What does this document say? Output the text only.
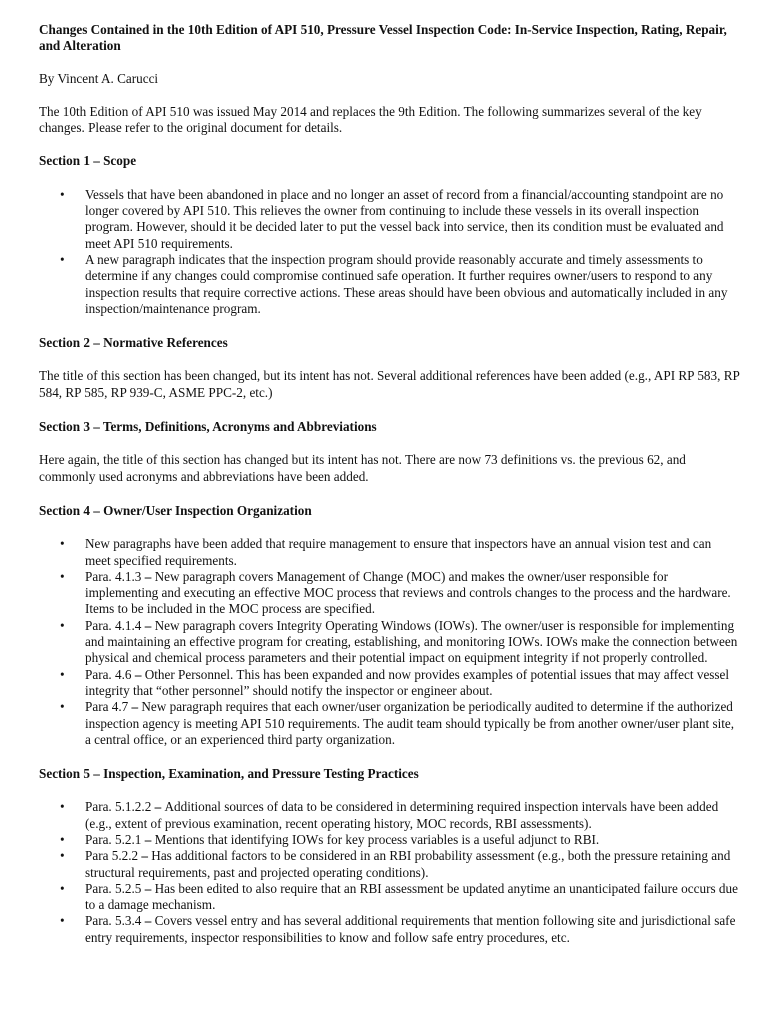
Changes Contained in the 10th Edition of API 510, Pressure Vessel Inspection Code: In-Service Inspection, Rating, Repair, and Alteration
By Vincent A. Carucci
The 10th Edition of API 510 was issued May 2014 and replaces the 9th Edition. The following summarizes several of the key changes. Please refer to the original document for details.
Section 1 – Scope
• Vessels that have been abandoned in place and no longer an asset of record from a financial/accounting standpoint are no longer covered by API 510. This relieves the owner from continuing to include these vessels in its overall inspection program. However, should it be decided later to put the vessel back into service, then its condition must be evaluated and meet API 510 requirements.
• A new paragraph indicates that the inspection program should provide reasonably accurate and timely assessments to determine if any changes could compromise continued safe operation. It further requires owner/users to respond to any inspection results that require corrective actions. These areas should have been obvious and automatically included in any inspection/maintenance program.
Section 2 – Normative References
The title of this section has been changed, but its intent has not. Several additional references have been added (e.g., API RP 583, RP 584, RP 585, RP 939-C, ASME PPC-2, etc.)
Section 3 – Terms, Definitions, Acronyms and Abbreviations
Here again, the title of this section has changed but its intent has not. There are now 73 definitions vs. the previous 62, and commonly used acronyms and abbreviations have been added.
Section 4 – Owner/User Inspection Organization
• New paragraphs have been added that require management to ensure that inspectors have an annual vision test and can meet specified requirements.
• Para. 4.1.3 – New paragraph covers Management of Change (MOC) and makes the owner/user responsible for implementing and executing an effective MOC process that reviews and controls changes to the process and the hardware. Items to be included in the MOC process are specified.
• Para. 4.1.4 – New paragraph covers Integrity Operating Windows (IOWs). The owner/user is responsible for implementing and maintaining an effective program for creating, establishing, and monitoring IOWs. IOWs make the connection between physical and chemical process parameters and their potential impact on equipment integrity if not properly controlled.
• Para. 4.6 – Other Personnel. This has been expanded and now provides examples of potential issues that may affect vessel integrity that “other personnel” should notify the inspector or engineer about.
• Para 4.7 – New paragraph requires that each owner/user organization be periodically audited to determine if the authorized inspection agency is meeting API 510 requirements. The audit team should typically be from another owner/user plant site, a central office, or an experienced third party organization.
Section 5 – Inspection, Examination, and Pressure Testing Practices
• Para. 5.1.2.2 – Additional sources of data to be considered in determining required inspection intervals have been added (e.g., extent of previous examination, recent operating history, MOC records, RBI assessments).
• Para. 5.2.1 – Mentions that identifying IOWs for key process variables is a useful adjunct to RBI.
• Para 5.2.2 – Has additional factors to be considered in an RBI probability assessment (e.g., both the pressure retaining and structural requirements, past and projected operating conditions).
• Para. 5.2.5 – Has been edited to also require that an RBI assessment be updated anytime an unanticipated failure occurs due to a damage mechanism.
• Para. 5.3.4 – Covers vessel entry and has several additional requirements that mention following site and jurisdictional safe entry requirements, inspector responsibilities to know and follow safe entry procedures, etc.
